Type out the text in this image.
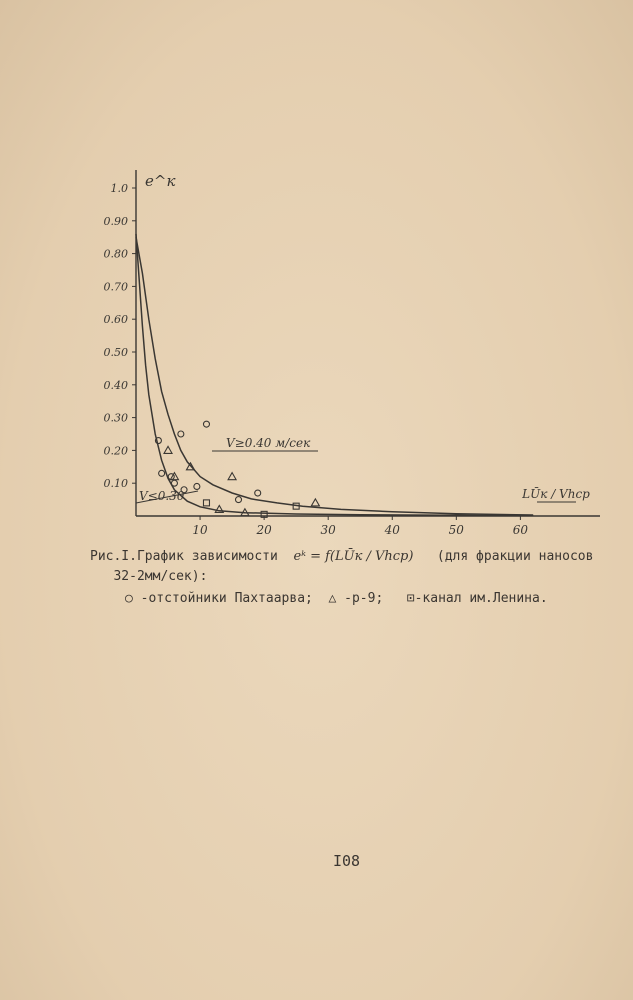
0.10
0.20
0.30
0.40
0.50
0.60
0.70
0.80
0.90
1.0
10	20	30	40	50	60
V≥0.40 м/сек
V≤0.30
e^к
LŪк / Vhср
Рис.I.График зависимости eᵏ = f(LŪк / Vhср) (для фракции наносов
32-2мм/сек):
○ -отстойники Пахтаарва; △ -р-9; ⊡-канал им.Ленина.
I08
